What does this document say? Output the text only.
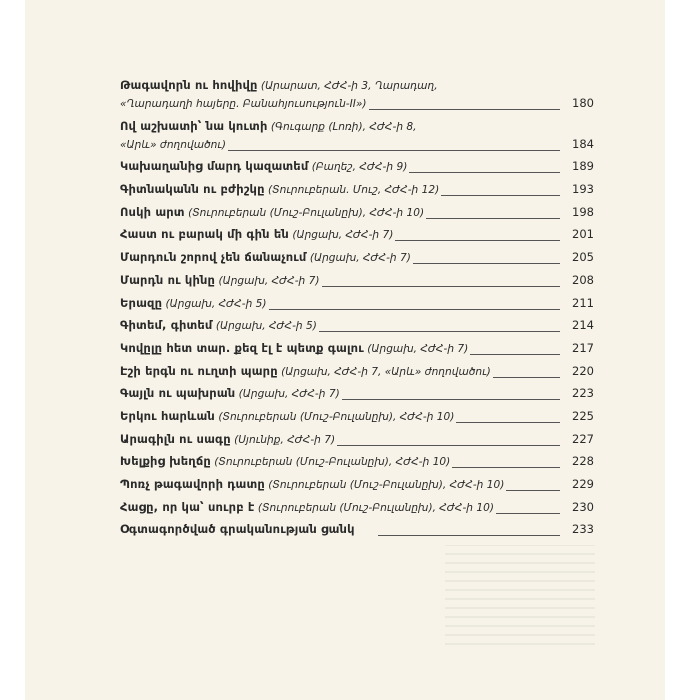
Թագավորն ու հովիվը (Արարատ, ՀԺՀ-ի 3, Ղարադաղ,
«Ղարադաղի հայերը. Բանահյուսություն-II»)	180
Ով աշխատի՝ նա կուտի (Գուգարք (Լոռի), ՀԺՀ-ի 8,
«Արև» ժողովածու)	184
Կախաղանից մարդ կազատեմ (Բաղեշ, ՀԺՀ-ի 9)	189
Գիտնականն ու բժիշկը (Տուրուբերան. Մուշ, ՀԺՀ-ի 12)	193
Ոսկի արտ (Տուրուբերան (Մուշ-Բուլանըխ), ՀԺՀ-ի 10)	198
Հաստ ու բարակ մի գին են (Արցախ, ՀԺՀ-ի 7)	201
Մարդուն շորով չեն ճանաչում (Արցախ, ՀԺՀ-ի 7)	205
Մարդն ու կինը (Արցախ, ՀԺՀ-ի 7)	208
Երազը (Արցախ, ՀԺՀ-ի 5)	211
Գիտեմ, գիտեմ (Արցախ, ՀԺՀ-ի 5)	214
Կովըլը հետ տար. քեզ էլ է պետք գալու (Արցախ, ՀԺՀ-ի 7)	217
Էշի երգն ու ուղտի պարը (Արցախ, ՀԺՀ-ի 7, «Արև» ժողովածու)	220
Գայլն ու պախրան (Արցախ, ՀԺՀ-ի 7)	223
Երկու հարևան (Տուրուբերան (Մուշ-Բուլանըխ), ՀԺՀ-ի 10)	225
Արագիլն ու սագը (Սյունիք, ՀԺՀ-ի 7)	227
Խելքից խեղճը (Տուրուբերան (Մուշ-Բուլանըխ), ՀԺՀ-ի 10)	228
Պոռչ թագավորի դատը (Տուրուբերան (Մուշ-Բուլանըխ), ՀԺՀ-ի 10)	229
Հացը, որ կա՝ սուրբ է (Տուրուբերան (Մուշ-Բուլանըխ), ՀԺՀ-ի 10)	230
Օգտագործված գրականության ցանկ	233
